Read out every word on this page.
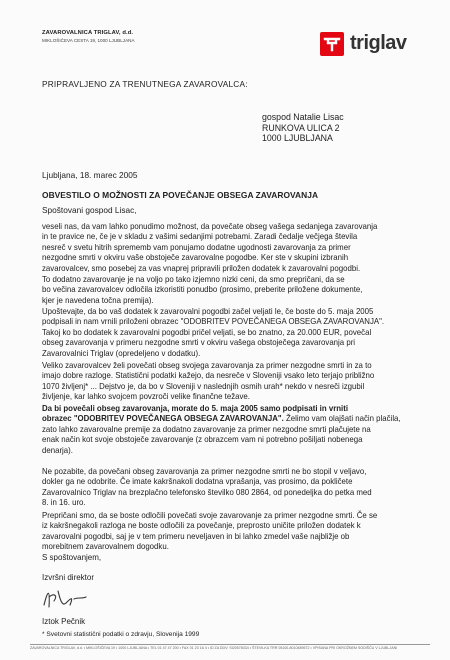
ZAVAROVALNICA TRIGLAV, d.d.
MIKLOŠIČEVA CESTA 19, 1000 LJUBLJANA	triglav
PRIPRAVLJENO ZA TRENUTNEGA ZAVAROVALCA:
gospod Natalie Lisac
RUNKOVA ULICA 2
1000 LJUBLJANA
Ljubljana, 18. marec 2005
OBVESTILO O MOŽNOSTI ZA POVEČANJE OBSEGA ZAVAROVANJA
Spoštovani gospod Lisac,
veseli nas, da vam lahko ponudimo možnost, da povečate obseg vašega sedanjega zavarovanja
in te pravice ne, če je v skladu z vašimi sedanjimi potrebami. Zaradi čedalje večjega števila
nesreč v svetu hitrih sprememb vam ponujamo dodatne ugodnosti zavarovanja za primer
nezgodne smrti v okviru vaše obstoječe zavarovalne pogodbe. Ker ste v skupini izbranih
zavarovalcev, smo posebej za vas vnaprej pripravili priložen dodatek k zavarovalni pogodbi.
To dodatno zavarovanje je na voljo po tako izjemno nizki ceni, da smo prepričani, da se
bo večina zavarovalcev odločila izkoristiti ponudbo (prosimo, preberite priložene dokumente,
kjer je navedena točna premija).
Upoštevajte, da bo vaš dodatek k zavarovalni pogodbi začel veljati le, če boste do 5. maja 2005
podpisali in nam vrnili priloženi obrazec "ODOBRITEV POVEČANEGA OBSEGA ZAVAROVANJA".
Takoj ko bo dodatek k zavarovalni pogodbi pričel veljati, se bo znatno, za 20.000 EUR, povečal
obseg zavarovanja v primeru nezgodne smrti v okviru vašega obstoječega zavarovanja pri
Zavarovalnici Triglav (opredeljeno v dodatku).
Veliko zavarovalcev želi povečati obseg svojega zavarovanja za primer nezgodne smrti in za to
imajo dobre razloge. Statistični podatki kažejo, da nesreče v Sloveniji vsako leto terjajo približno
1070 življenj* ... Dejstvo je, da bo v Sloveniji v naslednjih osmih urah* nekdo v nesreči izgubil
življenje, kar lahko svojcem povzroči velike finančne težave.
Da bi povečali obseg zavarovanja, morate do 5. maja 2005 samo podpisati in vrniti
obrazec "ODOBRITEV POVEČANEGA OBSEGA ZAVAROVANJA". Želimo vam olajšati način plačila,
zato lahko zavarovalne premije za dodatno zavarovanje za primer nezgodne smrti plačujete na
enak način kot svoje obstoječe zavarovanje (z obrazcem vam ni potrebno pošiljati nobenega
denarja).
Ne pozabite, da povečani obseg zavarovanja za primer nezgodne smrti ne bo stopil v veljavo,
dokler ga ne odobrite. Če imate kakršnakoli dodatna vprašanja, vas prosimo, da pokličete
Zavarovalnico Triglav na brezplačno telefonsko številko 080 2864, od ponedeljka do petka med
8. in 16. uro.
Prepričani smo, da se boste odločili povečati svoje zavarovanje za primer nezgodne smrti. Če se
iz kakršnegakoli razloga ne boste odločili za povečanje, preprosto uničite priložen dodatek k
zavarovalni pogodbi, saj je v tem primeru neveljaven in bi lahko zmedel vaše najbližje ob
morebitnem zavarovalnem dogodku.
S spoštovanjem,
Izvršni direktor
Iztok Pečnik
* Svetovni statistični podatki o zdravju, Slovenija 1999
ZAVAROVALNICA TRIGLAV, d.d. • MIKLOŠIČEVA 19 • 1000 LJUBLJANA • TEL 01 47 47 200 • FAX 01 23 16 4 • ID ZA DDV: SI20578334 • ŠTEVILKA TRR 05100-8010489572 • VPISANA PRI OKROŽNEM SODIŠČU V LJUBLJANI
